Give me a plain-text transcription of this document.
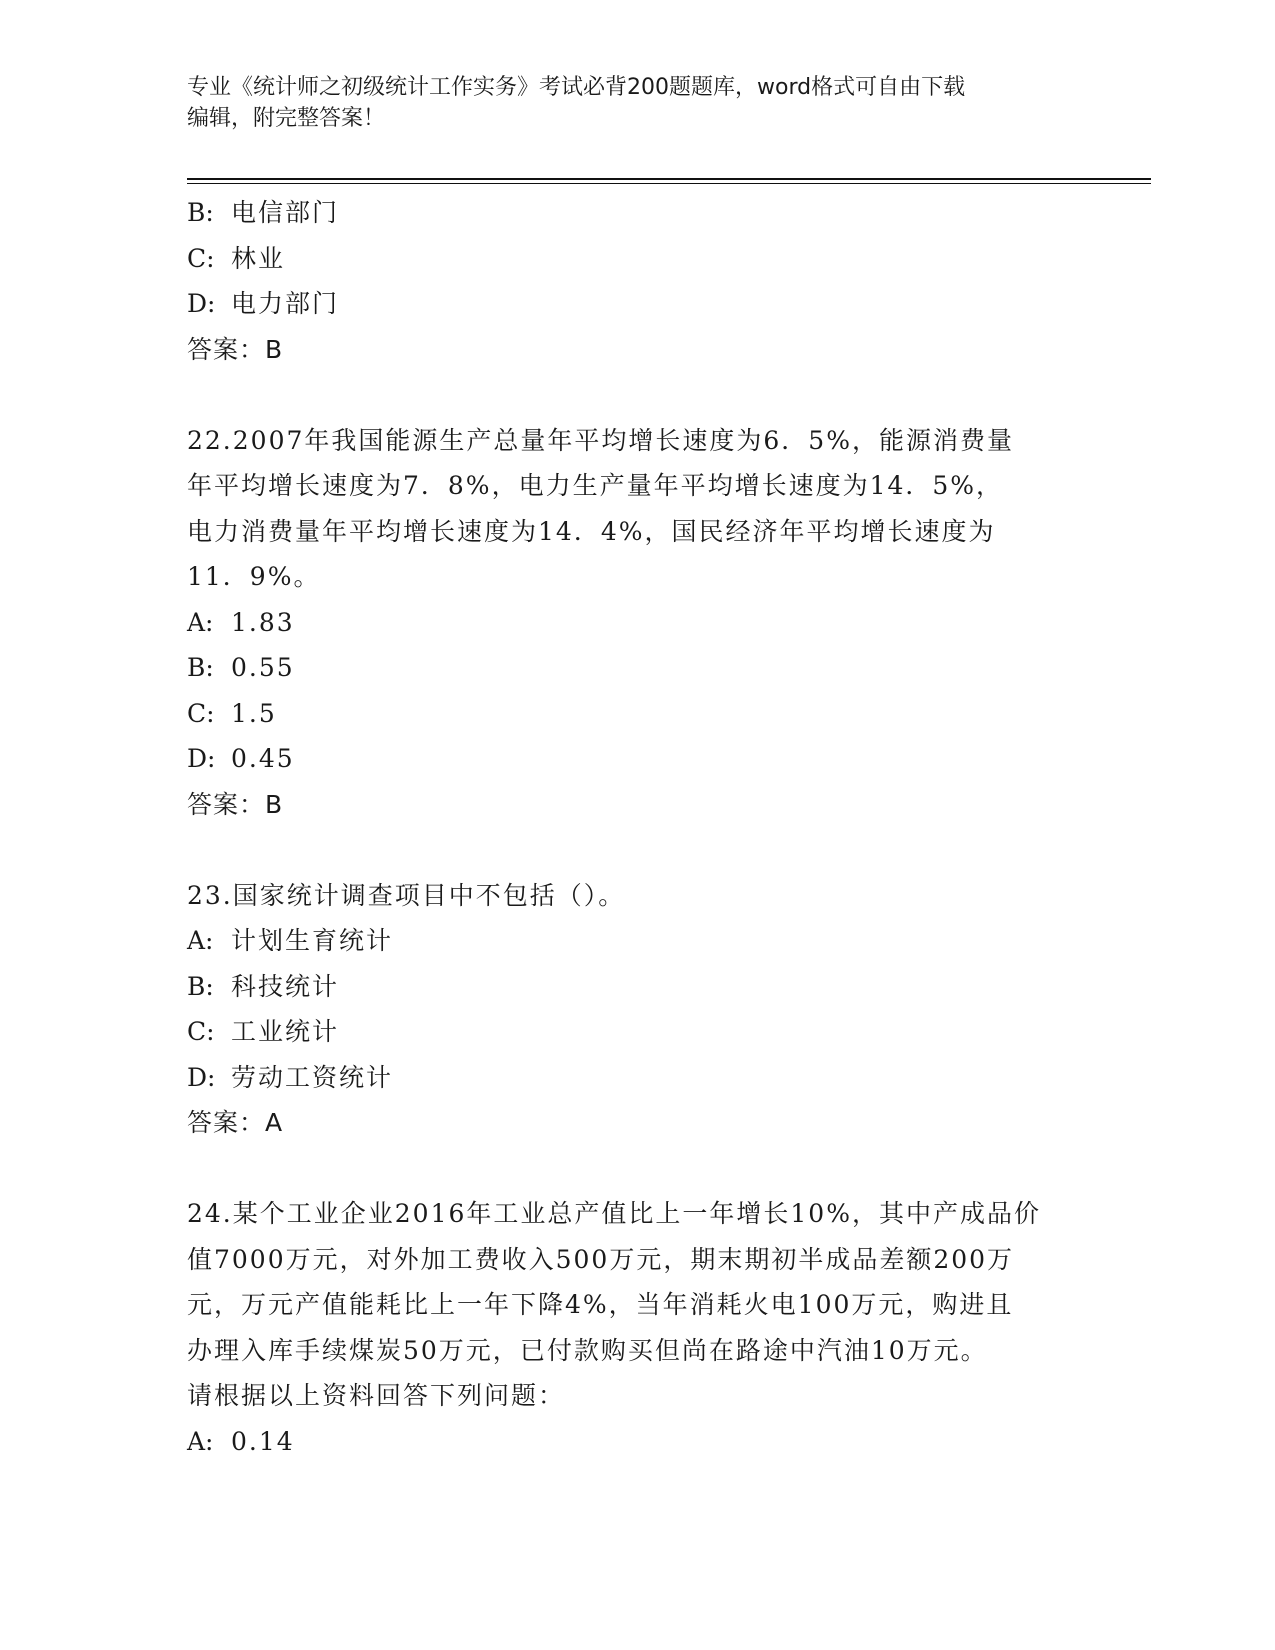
专业《统计师之初级统计工作实务》考试必背200题题库，word格式可自由下载
编辑，附完整答案！
B: 电信部门
C: 林业
D: 电力部门
答案：B
22.2007年我国能源生产总量年平均增长速度为6．5%，能源消费量
年平均增长速度为7．8%，电力生产量年平均增长速度为14．5%，
电力消费量年平均增长速度为14．4%，国民经济年平均增长速度为
11．9%。
A: 1.83
B: 0.55
C: 1.5
D: 0.45
答案：B
23.国家统计调查项目中不包括（）。
A: 计划生育统计
B: 科技统计
C: 工业统计
D: 劳动工资统计
答案：A
24.某个工业企业2016年工业总产值比上一年增长10%，其中产成品价
值7000万元，对外加工费收入500万元，期末期初半成品差额200万
元，万元产值能耗比上一年下降4%，当年消耗火电100万元，购进且
办理入库手续煤炭50万元，已付款购买但尚在路途中汽油10万元。
请根据以上资料回答下列问题：
A: 0.14
